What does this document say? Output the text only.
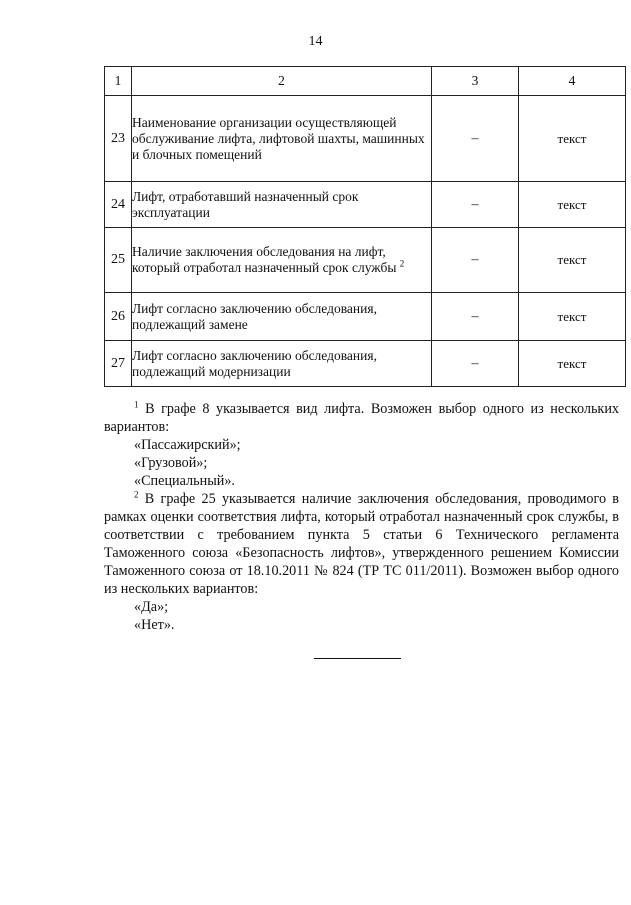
14
1	2	3	4
23	Наименование организации осуществляющей обслуживание лифта, лифтовой шахты, машинных и блочных помещений	–	текст
24	Лифт, отработавший назначенный срок эксплуатации	–	текст
25	Наличие заключения обследования на лифт, который отработал назначенный срок службы $^2$	–	текст
26	Лифт согласно заключению обследования, подлежащий замене	–	текст
27	Лифт согласно заключению обследования, подлежащий модернизации	–	текст

$^1$ В графе 8 указывается вид лифта. Возможен выбор одного из нескольких вариантов:

«Пассажирский»;

«Грузовой»;

«Специальный».

$^2$ В графе 25 указывается наличие заключения обследования, проводимого в рамках оценки соответствия лифта, который отработал назначенный срок службы, в соответствии с требованием пункта 5 статьи 6 Технического регламента Таможенного союза «Безопасность лифтов», утвержденного решением Комиссии Таможенного союза от 18.10.2011 № 824 (ТР ТС 011/2011). Возможен выбор одного из нескольких вариантов:

«Да»;

«Нет».
